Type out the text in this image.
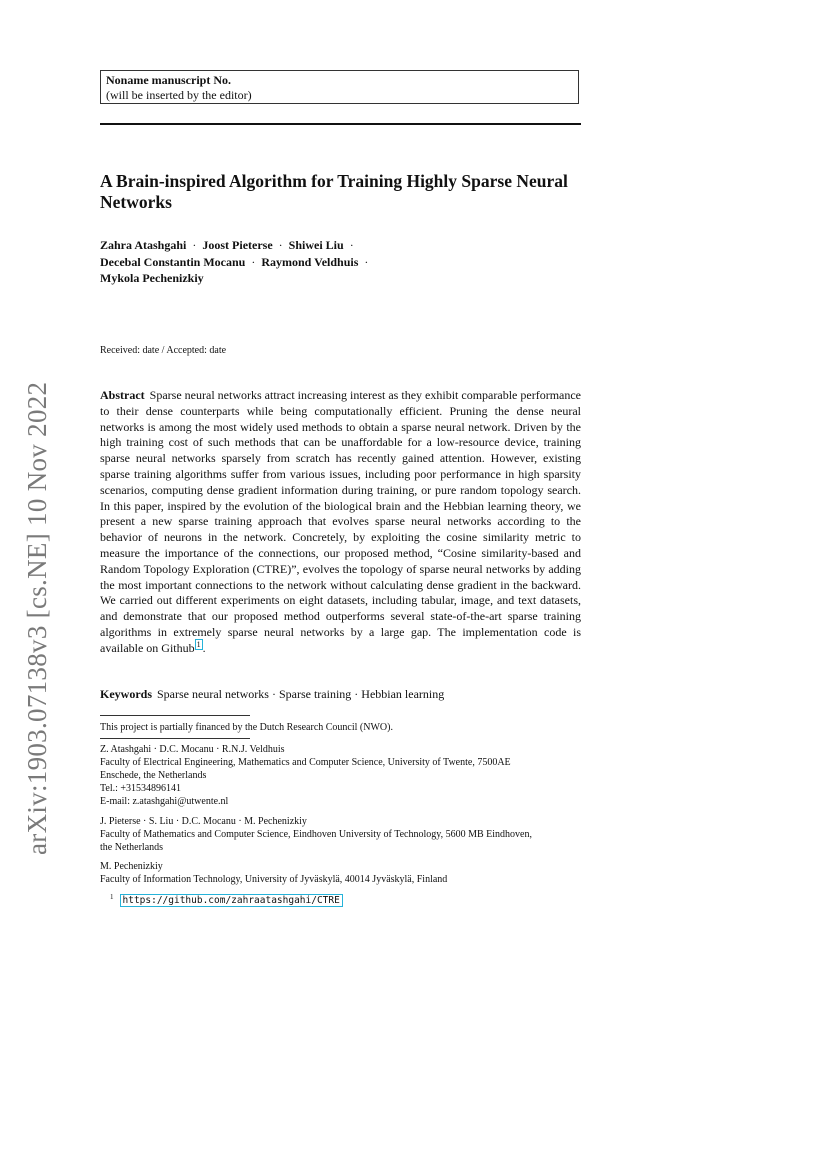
Noname manuscript No.
(will be inserted by the editor)
A Brain-inspired Algorithm for Training Highly Sparse Neural Networks
Zahra Atashgahi · Joost Pieterse · Shiwei Liu ·
Decebal Constantin Mocanu · Raymond Veldhuis ·
Mykola Pechenizkiy
Received: date / Accepted: date
Abstract Sparse neural networks attract increasing interest as they exhibit comparable performance to their dense counterparts while being computationally efficient. Pruning the dense neural networks is among the most widely used methods to obtain a sparse neural network. Driven by the high training cost of such methods that can be unaffordable for a low-resource device, training sparse neural networks sparsely from scratch has recently gained attention. However, existing sparse training algorithms suffer from various issues, including poor performance in high sparsity scenarios, computing dense gradient information during training, or pure random topology search. In this paper, inspired by the evolution of the biological brain and the Hebbian learning theory, we present a new sparse training approach that evolves sparse neural networks according to the behavior of neurons in the network. Concretely, by exploiting the cosine similarity metric to measure the importance of the connections, our proposed method, “Cosine similarity-based and Random Topology Exploration (CTRE)”, evolves the topology of sparse neural networks by adding the most important connections to the network without calculating dense gradient in the backward. We carried out different experiments on eight datasets, including tabular, image, and text datasets, and demonstrate that our proposed method outperforms several state-of-the-art sparse training algorithms in extremely sparse neural networks by a large gap. The implementation code is available on Github $^1$ .
Keywords Sparse neural networks · Sparse training · Hebbian learning
This project is partially financed by the Dutch Research Council (NWO).
Z. Atashgahi · D.C. Mocanu · R.N.J. Veldhuis
Faculty of Electrical Engineering, Mathematics and Computer Science, University of Twente, 7500AE
Enschede, the Netherlands
Tel.: +31534896141
E-mail: z.atashgahi@utwente.nl
J. Pieterse · S. Liu · D.C. Mocanu · M. Pechenizkiy
Faculty of Mathematics and Computer Science, Eindhoven University of Technology, 5600 MB Eindhoven,
the Netherlands
M. Pechenizkiy
Faculty of Information Technology, University of Jyväskylä, 40014 Jyväskylä, Finland
$^1$ https://github.com/zahraatashgahi/CTRE
arXiv:1903.07138v3 [cs.NE] 10 Nov 2022
